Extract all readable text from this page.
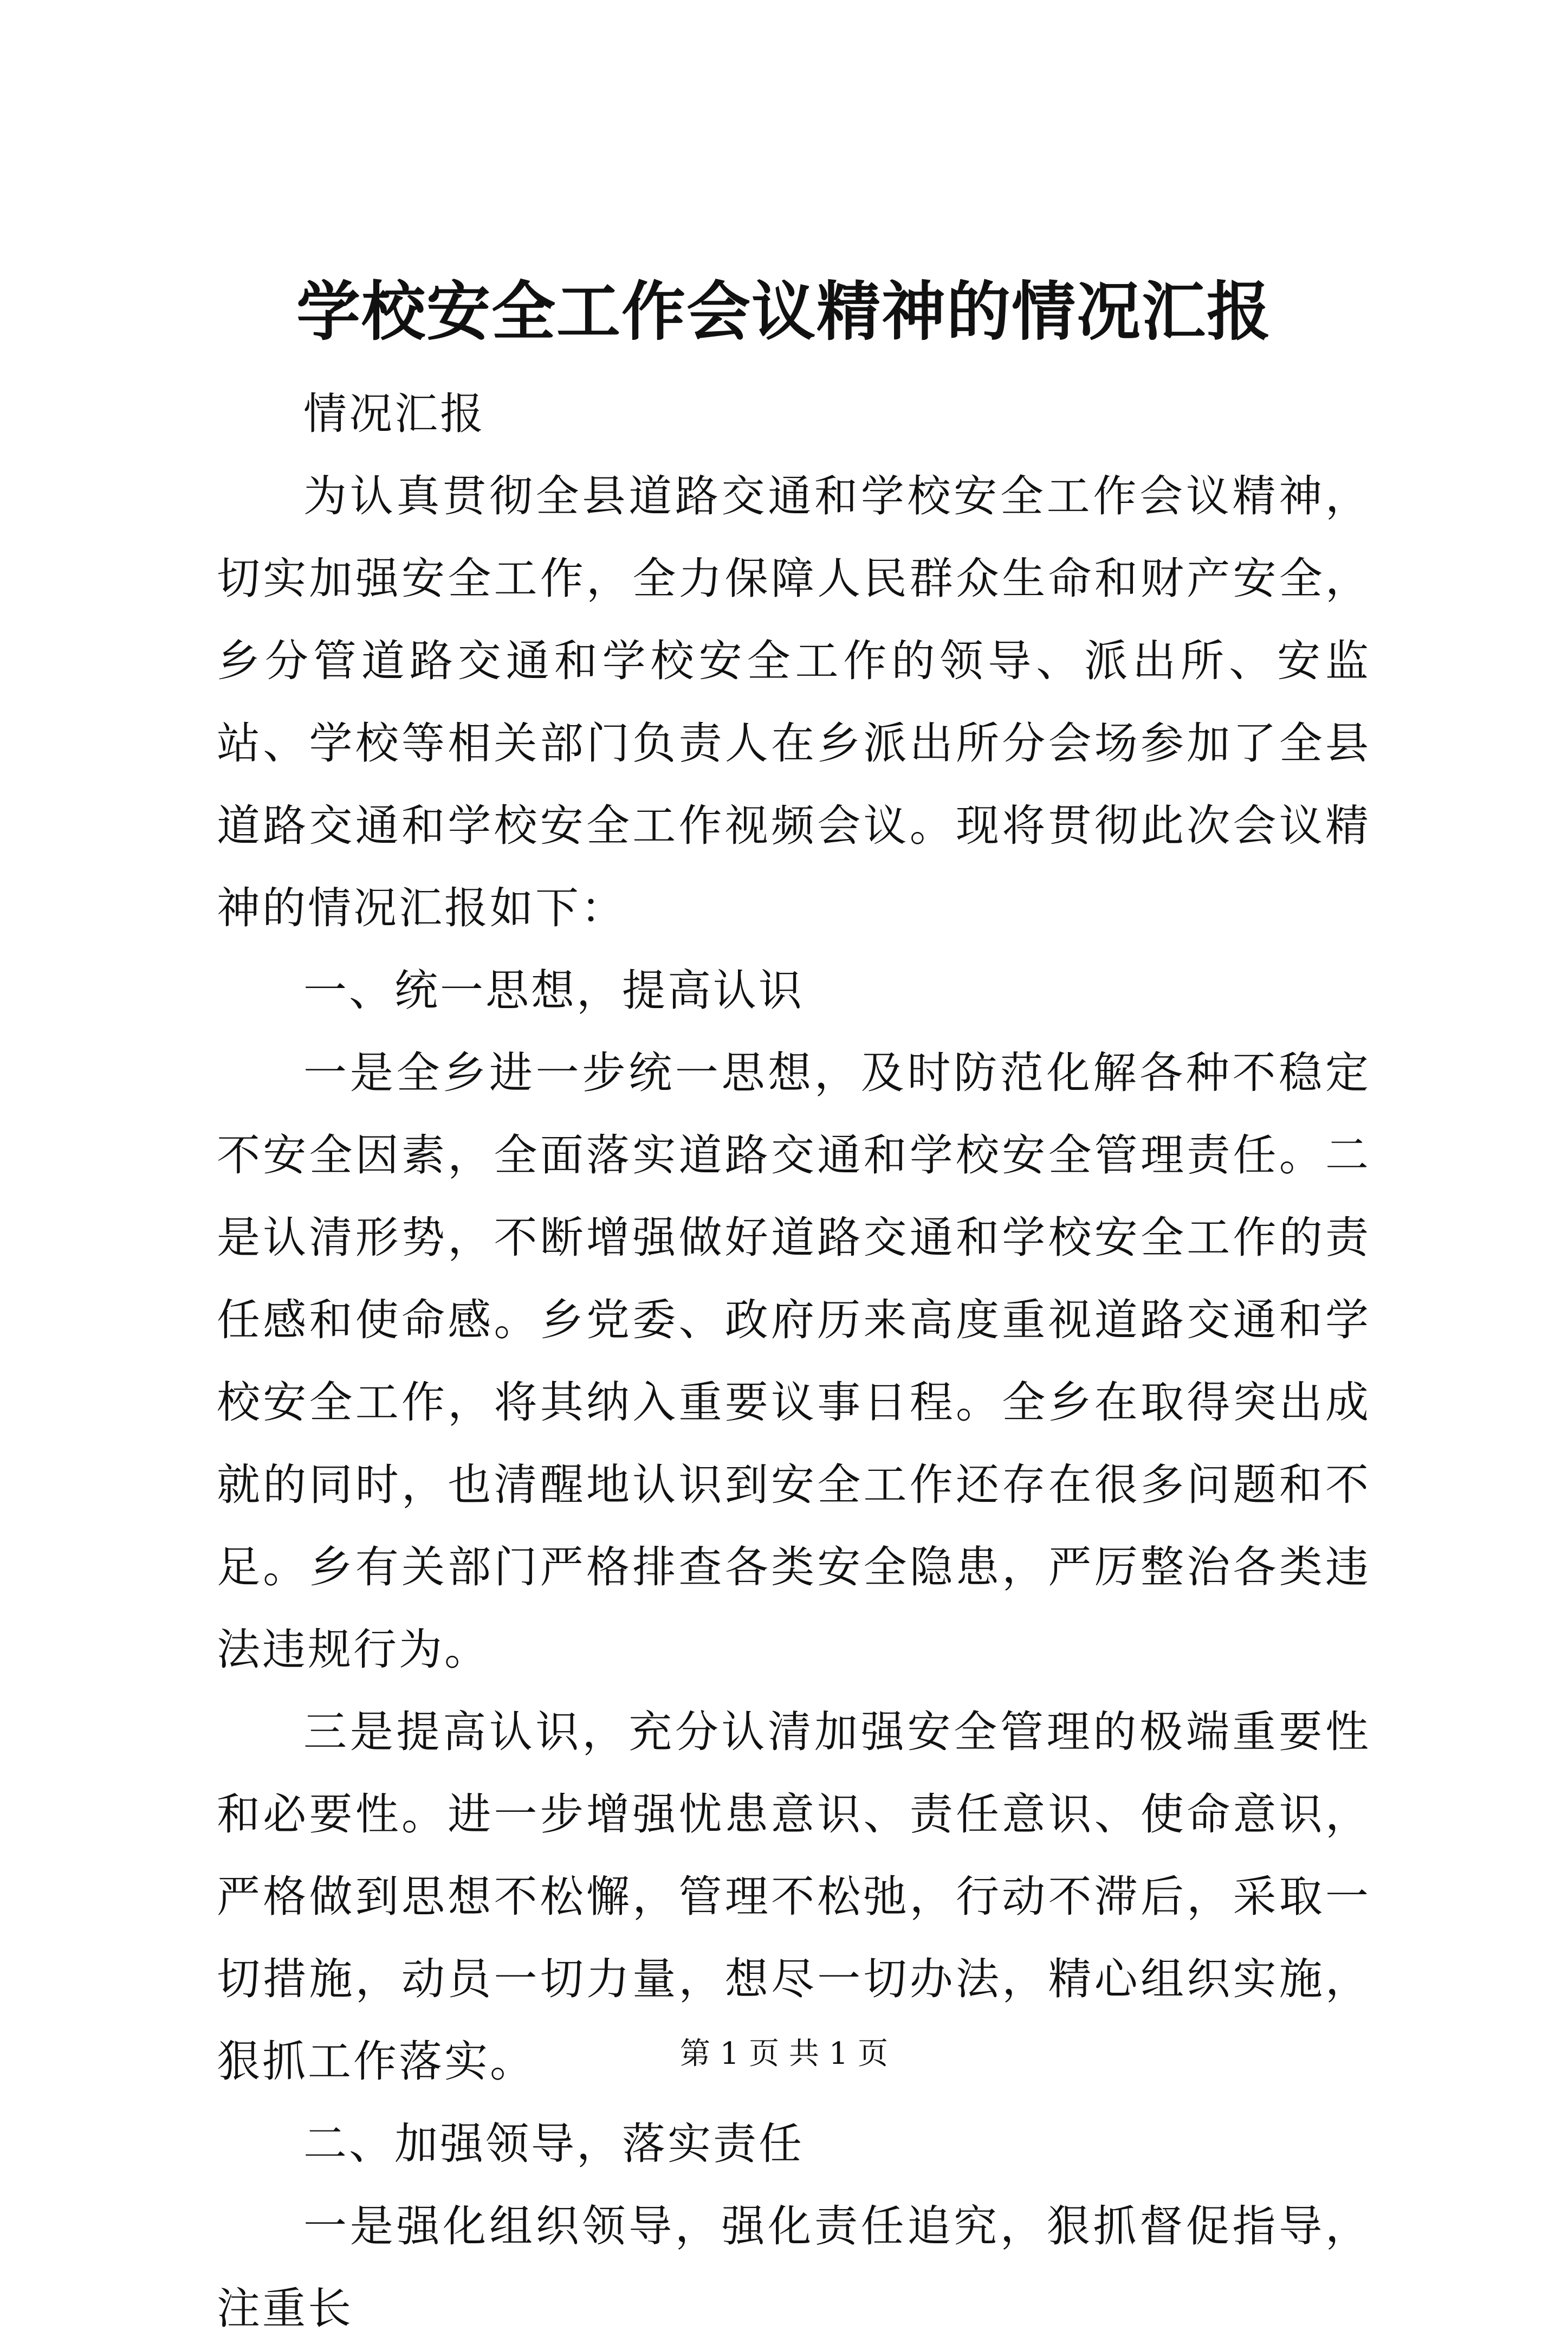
学校安全工作会议精神的情况汇报

情况汇报

为认真贯彻全县道路交通和学校安全工作会议精神，切实加强安全工作，全力保障人民群众生命和财产安全，乡分管道路交通和学校安全工作的领导、派出所、安监站、学校等相关部门负责人在乡派出所分会场参加了全县道路交通和学校安全工作视频会议。现将贯彻此次会议精神的情况汇报如下：

一、统一思想，提高认识

一是全乡进一步统一思想，及时防范化解各种不稳定不安全因素，全面落实道路交通和学校安全管理责任。二是认清形势，不断增强做好道路交通和学校安全工作的责任感和使命感。乡党委、政府历来高度重视道路交通和学校安全工作，将其纳入重要议事日程。全乡在取得突出成就的同时，也清醒地认识到安全工作还存在很多问题和不足。乡有关部门严格排查各类安全隐患，严厉整治各类违法违规行为。

三是提高认识，充分认清加强安全管理的极端重要性和必要性。进一步增强忧患意识、责任意识、使命意识，严格做到思想不松懈，管理不松弛，行动不滞后，采取一切措施，动员一切力量，想尽一切办法，精心组织实施，狠抓工作落实。

二、加强领导，落实责任

一是强化组织领导，强化责任追究，狠抓督促指导，注重长

第 1 页 共 1 页
